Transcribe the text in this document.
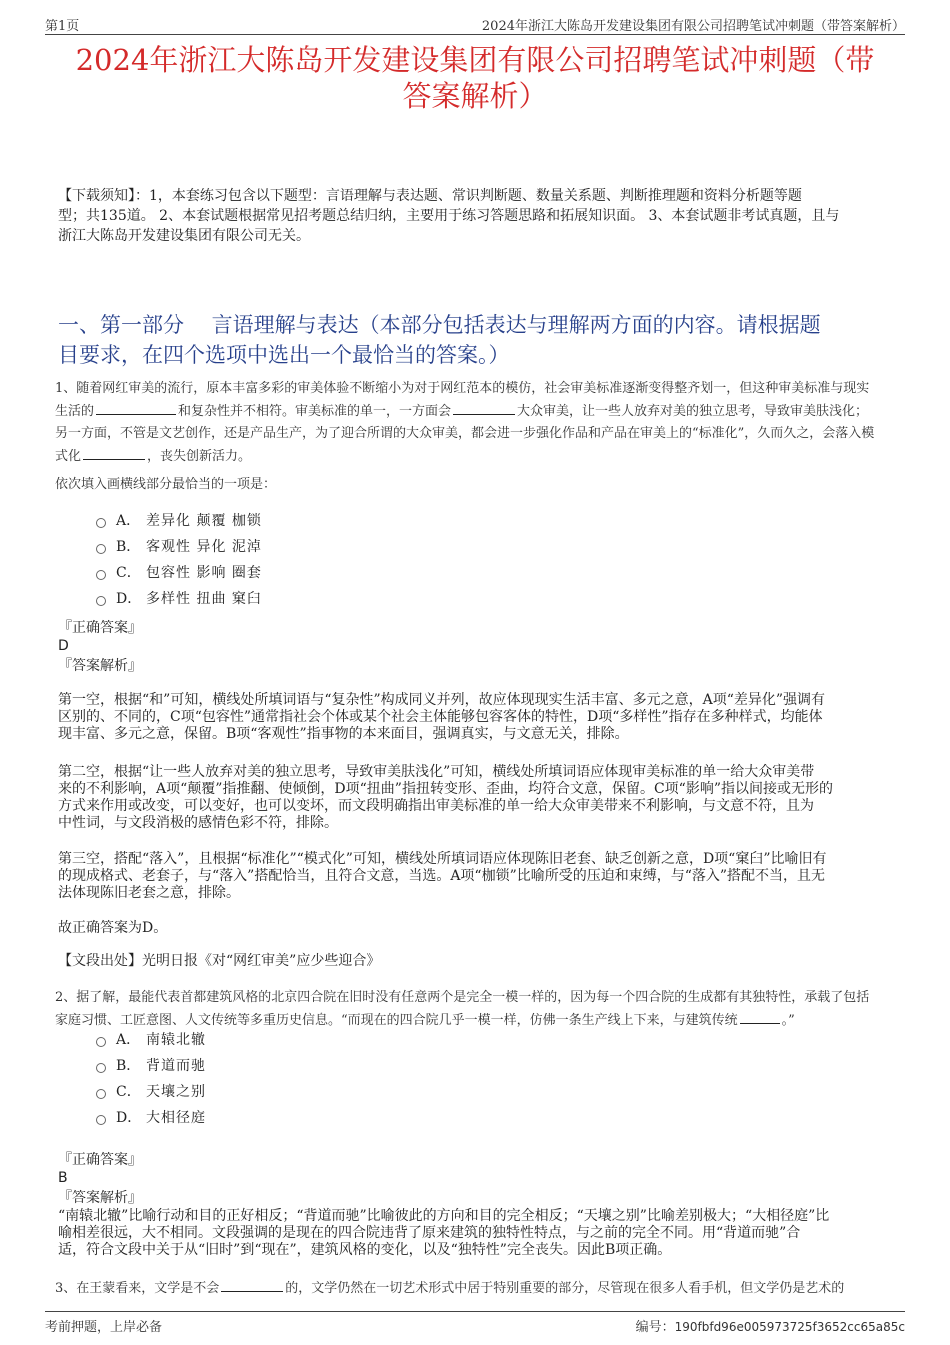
第1页	2024年浙江大陈岛开发建设集团有限公司招聘笔试冲刺题（带答案解析）
2024年浙江大陈岛开发建设集团有限公司招聘笔试冲刺题（带
答案解析）
【下载须知】：1，本套练习包含以下题型：言语理解与表达题、常识判断题、数量关系题、判断推理题和资料分析题等题
型；共135道。 2、本套试题根据常见招考题总结归纳，主要用于练习答题思路和拓展知识面。 3、本套试题非考试真题，且与
浙江大陈岛开发建设集团有限公司无关。
一、第一部分　 言语理解与表达（本部分包括表达与理解两方面的内容。请根据题
目要求，在四个选项中选出一个最恰当的答案。）
1、随着网红审美的流行，原本丰富多彩的审美体验不断缩小为对于网红范本的模仿，社会审美标准逐渐变得整齐划一，但这种审美标准与现实
生活的	和复杂性并不相符。审美标准的单一，一方面会	大众审美，让一些人放弃对美的独立思考，导致审美肤浅化；
另一方面，不管是文艺创作，还是产品生产，为了迎合所谓的大众审美，都会进一步强化作品和产品在审美上的“标准化”，久而久之，会落入模
式化	，丧失创新活力。
依次填入画横线部分最恰当的一项是：
A． 差异化 颠覆 枷锁
B． 客观性 异化 泥淖
C． 包容性 影响 圈套
D． 多样性 扭曲 窠臼
『正确答案』
D
『答案解析』
第一空，根据“和”可知，横线处所填词语与“复杂性”构成同义并列，故应体现现实生活丰富、多元之意，A项“差异化”强调有
区别的、不同的，C项“包容性”通常指社会个体或某个社会主体能够包容客体的特性，D项“多样性”指存在多种样式，均能体
现丰富、多元之意，保留。B项“客观性”指事物的本来面目，强调真实，与文意无关，排除。
第二空，根据“让一些人放弃对美的独立思考，导致审美肤浅化”可知，横线处所填词语应体现审美标准的单一给大众审美带
来的不利影响，A项“颠覆”指推翻、使倾倒，D项“扭曲”指扭转变形、歪曲，均符合文意，保留。C项“影响”指以间接或无形的
方式来作用或改变，可以变好，也可以变坏，而文段明确指出审美标准的单一给大众审美带来不利影响，与文意不符，且为
中性词，与文段消极的感情色彩不符，排除。
第三空，搭配“落入”，且根据“标准化”“模式化”可知，横线处所填词语应体现陈旧老套、缺乏创新之意，D项“窠臼”比喻旧有
的现成格式、老套子，与“落入”搭配恰当，且符合文意，当选。A项“枷锁”比喻所受的压迫和束缚，与“落入”搭配不当，且无
法体现陈旧老套之意，排除。
故正确答案为D。
【文段出处】光明日报《对“网红审美”应少些迎合》
2、据了解，最能代表首都建筑风格的北京四合院在旧时没有任意两个是完全一模一样的，因为每一个四合院的生成都有其独特性，承载了包括
家庭习惯、工匠意图、人文传统等多重历史信息。“而现在的四合院几乎一模一样，仿佛一条生产线上下来，与建筑传统	。”
A． 南辕北辙
B． 背道而驰
C． 天壤之别
D． 大相径庭
『正确答案』
B
『答案解析』
“南辕北辙”比喻行动和目的正好相反；“背道而驰”比喻彼此的方向和目的完全相反；“天壤之别”比喻差别极大；“大相径庭”比
喻相差很远，大不相同。文段强调的是现在的四合院违背了原来建筑的独特性特点，与之前的完全不同。用“背道而驰”合
适，符合文段中关于从“旧时”到“现在”，建筑风格的变化，以及“独特性”完全丧失。因此B项正确。
3、在王蒙看来，文学是不会	的，文学仍然在一切艺术形式中居于特别重要的部分，尽管现在很多人看手机，但文学仍是艺术的
考前押题，上岸必备	编号：190fbfd96e005973725f3652cc65a85c
